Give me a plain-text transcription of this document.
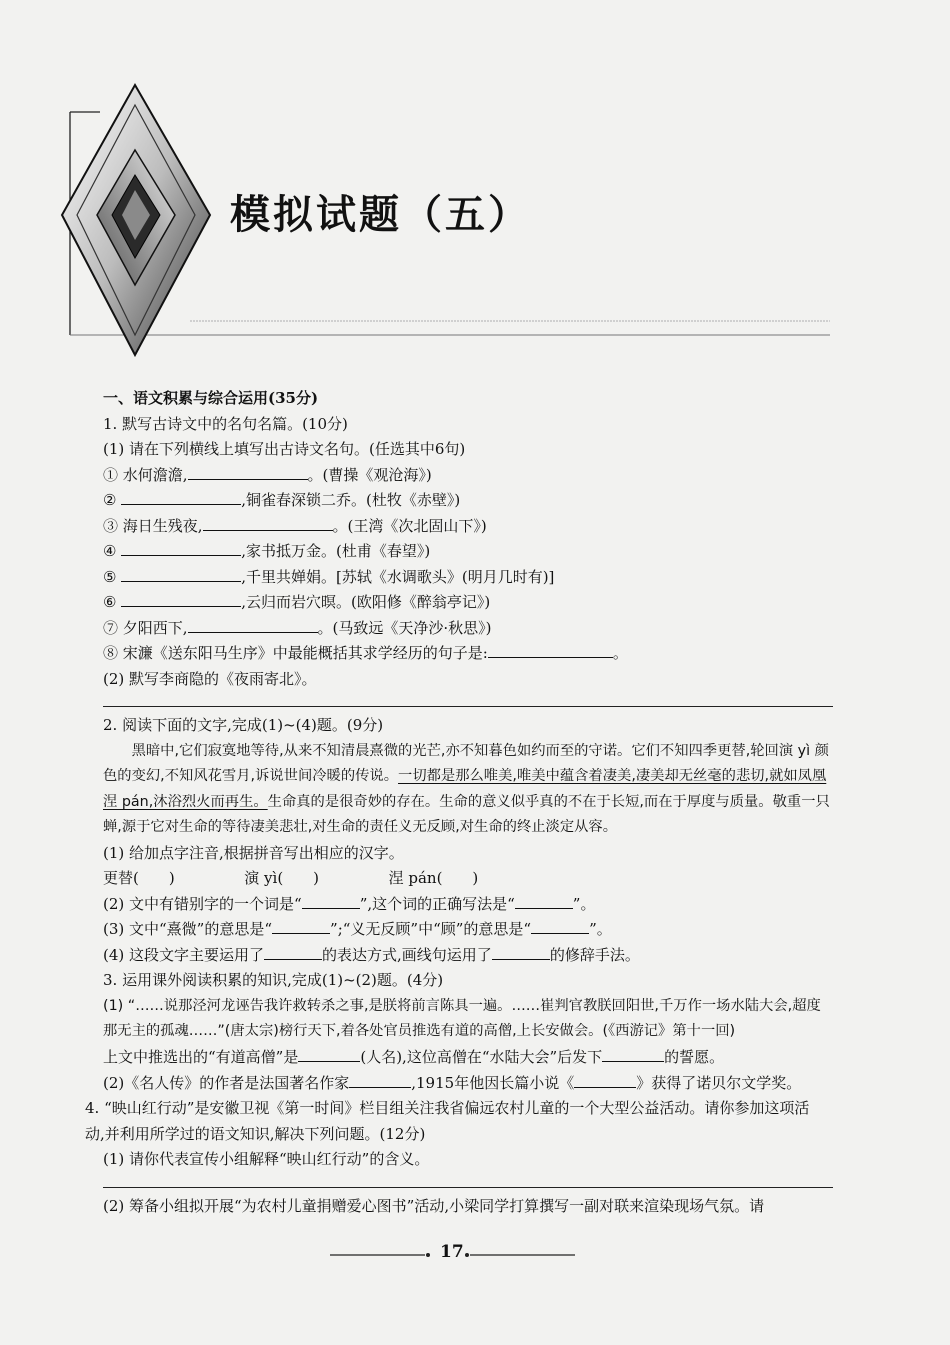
模拟试题（五）
一、语文积累与综合运用(35分)
1. 默写古诗文中的名句名篇。(10分)
(1) 请在下列横线上填写出古诗文名句。(任选其中6句)
① 水何澹澹,	。(曹操《观沧海》)
②	,铜雀春深锁二乔。(杜牧《赤壁》)
③ 海日生残夜,	。(王湾《次北固山下》)
④	,家书抵万金。(杜甫《春望》)
⑤	,千里共婵娟。[苏轼《水调歌头》(明月几时有)]
⑥	,云归而岩穴暝。(欧阳修《醉翁亭记》)
⑦ 夕阳西下,	。(马致远《天净沙·秋思》)
⑧ 宋濂《送东阳马生序》中最能概括其求学经历的句子是:	。
(2) 默写李商隐的《夜雨寄北》。
2. 阅读下面的文字,完成(1)~(4)题。(9分)
黑暗中,它们寂寞地等待,从来不知清晨熹微的光芒,亦不知暮色如约而至的守诺。它们不知四季更替,轮回演 yì 颜色的变幻,不知风花雪月,诉说世间冷暖的传说。一切都是那么唯美,唯美中蕴含着凄美,凄美却无丝毫的悲切,就如凤凰涅 pán,沐浴烈火而再生。生命真的是很奇妙的存在。生命的意义似乎真的不在于长短,而在于厚度与质量。敬重一只蝉,源于它对生命的等待凄美悲壮,对生命的责任义无反顾,对生命的终止淡定从容。
(1) 给加点字注音,根据拼音写出相应的汉字。
更替(　　)	演 yì(　　)	涅 pán(　　)
(2) 文中有错别字的一个词是“	”,这个词的正确写法是“	”。
(3) 文中“熹微”的意思是“	”;“义无反顾”中“顾”的意思是“	”。
(4) 这段文字主要运用了	的表达方式,画线句运用了	的修辞手法。
3. 运用课外阅读积累的知识,完成(1)~(2)题。(4分)
(1) “……说那泾河龙诬告我许救转杀之事,是朕将前言陈具一遍。……崔判官教朕回阳世,千万作一场水陆大会,超度那无主的孤魂……”(唐太宗)榜行天下,着各处官员推选有道的高僧,上长安做会。(《西游记》第十一回)
上文中推选出的“有道高僧”是	(人名),这位高僧在“水陆大会”后发下	的誓愿。
(2)《名人传》的作者是法国著名作家	,1915年他因长篇小说《	》获得了诺贝尔文学奖。
4. “映山红行动”是安徽卫视《第一时间》栏目组关注我省偏远农村儿童的一个大型公益活动。请你参加这项活动,并利用所学过的语文知识,解决下列问题。(12分)
(1) 请你代表宣传小组解释“映山红行动”的含义。
(2) 筹备小组拟开展“为农村儿童捐赠爱心图书”活动,小梁同学打算撰写一副对联来渲染现场气氛。请
17
